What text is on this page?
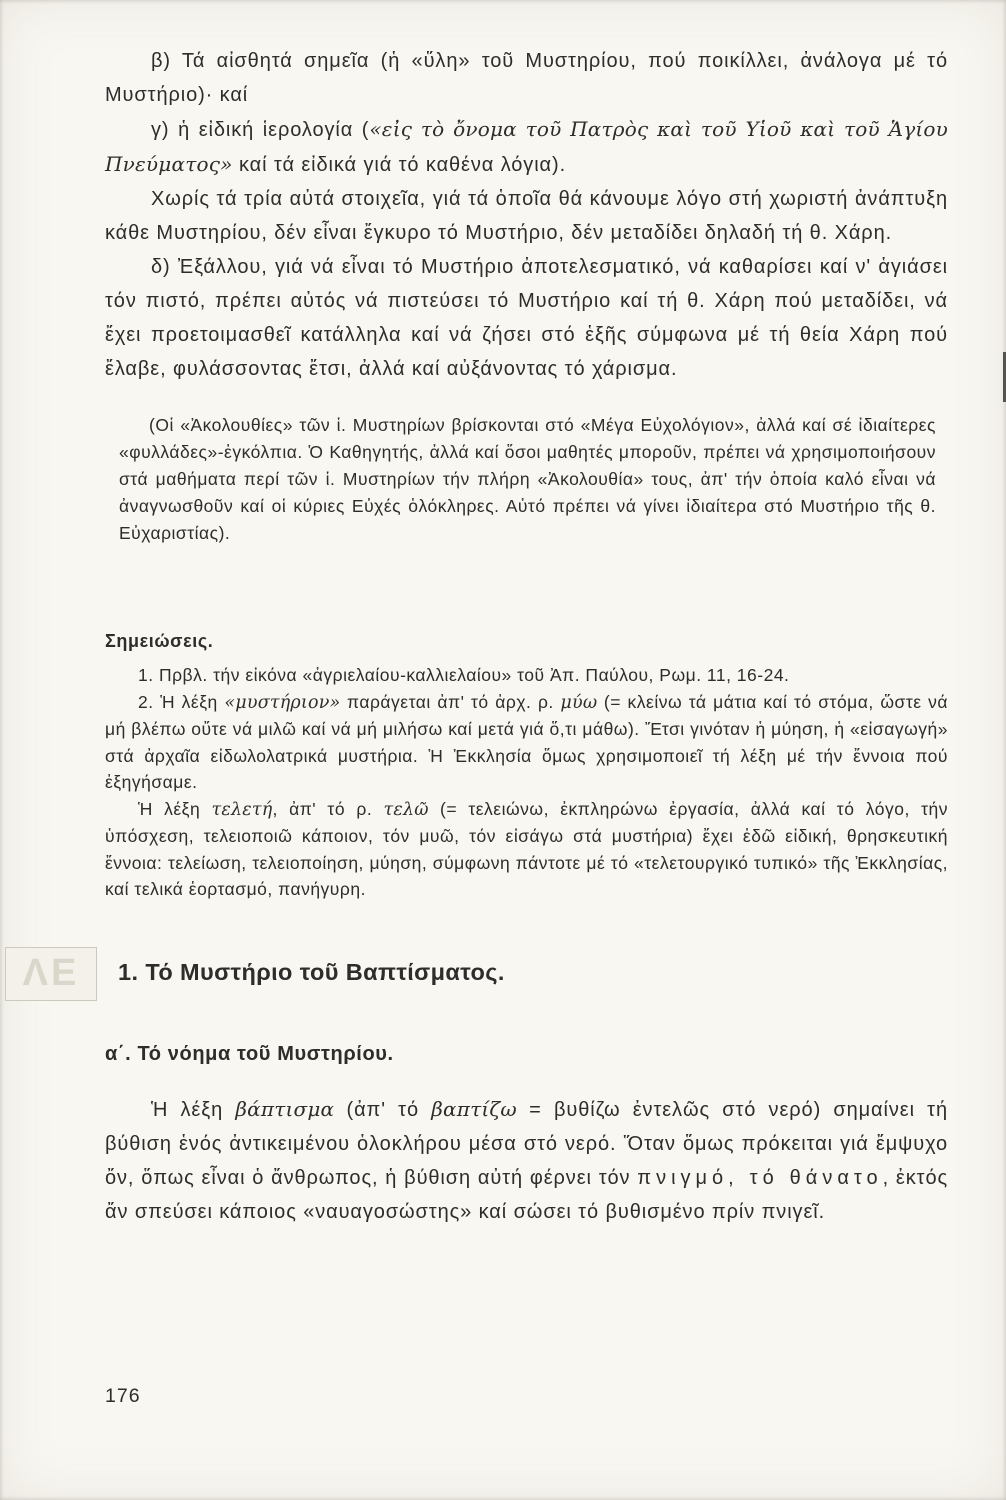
β) Τά αἰσθητά σημεῖα (ἡ «ὕλη» τοῦ Μυστηρίου, πού ποικίλλει, ἀνάλογα μέ τό Μυστήριο)· καί

γ) ἡ εἰδική ἱερολογία («εἰς τὸ ὄνομα τοῦ Πατρὸς καὶ τοῦ Υἱοῦ καὶ τοῦ Ἁγίου Πνεύματος» καί τά εἰδικά γιά τό καθένα λόγια).

Χωρίς τά τρία αὐτά στοιχεῖα, γιά τά ὁποῖα θά κάνουμε λόγο στή χωριστή ἀνάπτυξη κάθε Μυστηρίου, δέν εἶναι ἔγκυρο τό Μυστήριο, δέν μεταδίδει δηλαδή τή θ. Χάρη.

δ) Ἐξάλλου, γιά νά εἶναι τό Μυστήριο ἀποτελεσματικό, νά καθαρίσει καί ν' ἁγιάσει τόν πιστό, πρέπει αὐτός νά πιστεύσει τό Μυστήριο καί τή θ. Χάρη πού μεταδίδει, νά ἔχει προετοιμασθεῖ κατάλληλα καί νά ζήσει στό ἑξῆς σύμφωνα μέ τή θεία Χάρη πού ἔλαβε, φυλάσσοντας ἔτσι, ἀλλά καί αὐξάνοντας τό χάρισμα.

(Οἱ «Ἀκολουθίες» τῶν ἱ. Μυστηρίων βρίσκονται στό «Μέγα Εὐχολόγιον», ἀλλά καί σέ ἰδιαίτερες «φυλλάδες»-ἐγκόλπια. Ὁ Καθηγητής, ἀλλά καί ὅσοι μαθητές μποροῦν, πρέπει νά χρησιμοποιήσουν στά μαθήματα περί τῶν ἱ. Μυστηρίων τήν πλήρη «Ἀκολουθία» τους, ἀπ' τήν ὁποία καλό εἶναι νά ἀναγνωσθοῦν καί οἱ κύριες Εὐχές ὁλόκληρες. Αὐτό πρέπει νά γίνει ἰδιαίτερα στό Μυστήριο τῆς θ. Εὐχαριστίας).

Σημειώσεις.

1. Πρβλ. τήν εἰκόνα «ἀγριελαίου-καλλιελαίου» τοῦ Ἀπ. Παύλου, Ρωμ. 11, 16-24.

2. Ἡ λέξη «μυστήριον» παράγεται ἀπ' τό ἀρχ. ρ. μύω (= κλείνω τά μάτια καί τό στόμα, ὥστε νά μή βλέπω οὔτε νά μιλῶ καί νά μή μιλήσω καί μετά γιά ὅ,τι μάθω). Ἔτσι γινόταν ἡ μύηση, ἡ «εἰσαγωγή» στά ἀρχαῖα εἰδωλολατρικά μυστήρια. Ἡ Ἐκκλησία ὅμως χρησιμοποιεῖ τή λέξη μέ τήν ἔννοια πού ἐξηγήσαμε.

Ἡ λέξη τελετή, ἀπ' τό ρ. τελῶ (= τελειώνω, ἐκπληρώνω ἐργασία, ἀλλά καί τό λόγο, τήν ὑπόσχεση, τελειοποιῶ κάποιον, τόν μυῶ, τόν εἰσάγω στά μυστήρια) ἔχει ἐδῶ εἰδική, θρησκευτική ἔννοια: τελείωση, τελειοποίηση, μύηση, σύμφωνη πάντοτε μέ τό «τελετουργικό τυπικό» τῆς Ἐκκλησίας, καί τελικά ἑορτασμό, πανήγυρη.

ΛΕ	1. Τό Μυστήριο τοῦ Βαπτίσματος.
α΄. Τό νόημα τοῦ Μυστηρίου.

Ἡ λέξη βάπτισμα (ἀπ' τό βαπτίζω = βυθίζω ἐντελῶς στό νερό) σημαίνει τή βύθιση ἑνός ἀντικειμένου ὁλοκλήρου μέσα στό νερό. Ὅταν ὅμως πρόκειται γιά ἔμψυχο ὄν, ὅπως εἶναι ὁ ἄνθρωπος, ἡ βύθιση αὐτή φέρνει τόν πνιγμό, τό θάνατο, ἐκτός ἄν σπεύσει κάποιος «ναυαγοσώστης» καί σώσει τό βυθισμένο πρίν πνιγεῖ.

176
